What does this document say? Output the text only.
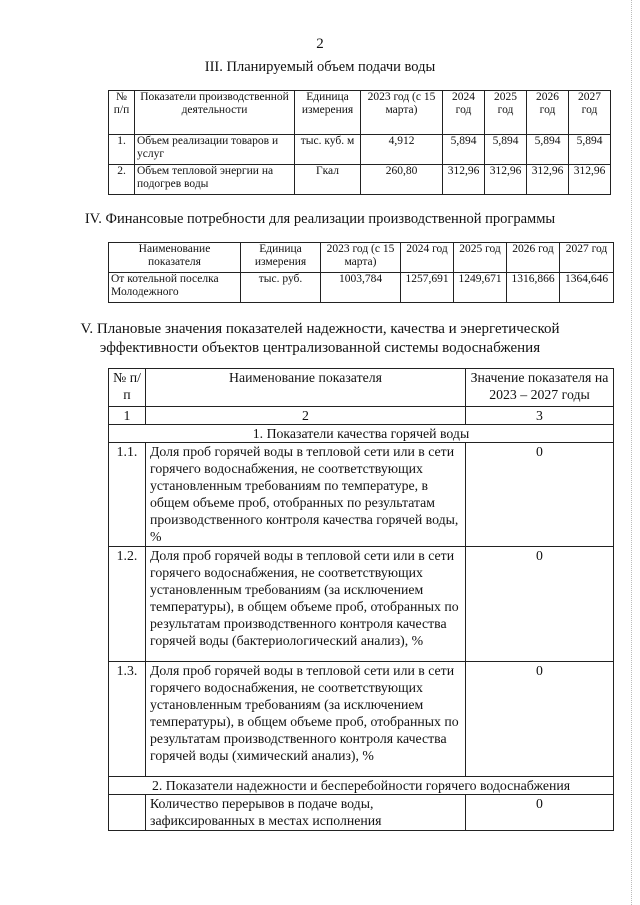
2
III. Планируемый объем подачи воды
№ п/п	Показатели производственной деятельности	Единица измерения	2023 год (с 15 марта)	2024 год	2025 год	2026 год	2027 год
1.	Объем реализации товаров и услуг	тыс. куб. м	4,912	5,894	5,894	5,894	5,894
2.	Объем тепловой энергии на подогрев воды	Гкал	260,80	312,96	312,96	312,96	312,96
IV. Финансовые потребности для реализации производственной программы
Наименование показателя	Единица измерения	2023 год (с 15 марта)	2024 год	2025 год	2026 год	2027 год
От котельной поселка Молодежного	тыс. руб.	1003,784	1257,691	1249,671	1316,866	1364,646
V. Плановые значения показателей надежности, качества и энергетической
эффективности объектов централизованной системы водоснабжения
№ п/п	Наименование показателя	Значение показателя на 2023 – 2027 годы
1	2	3
1. Показатели качества горячей воды		
1.1.	Доля проб горячей воды в тепловой сети или в сети горячего водоснабжения, не соответствующих установленным требованиям по температуре, в общем объеме проб, отобранных по результатам производственного контроля качества горячей воды, %	0
1.2.	Доля проб горячей воды в тепловой сети или в сети горячего водоснабжения, не соответствующих установленным требованиям (за исключением температуры), в общем объеме проб, отобранных по результатам производственного контроля качества горячей воды (бактериологический анализ), %	0
1.3.	Доля проб горячей воды в тепловой сети или в сети горячего водоснабжения, не соответствующих установленным требованиям (за исключением температуры), в общем объеме проб, отобранных по результатам производственного контроля качества горячей воды (химический анализ), %	0
2. Показатели надежности и бесперебойности горячего водоснабжения		
	Количество перерывов в подаче воды, зафиксированных в местах исполнения	0
